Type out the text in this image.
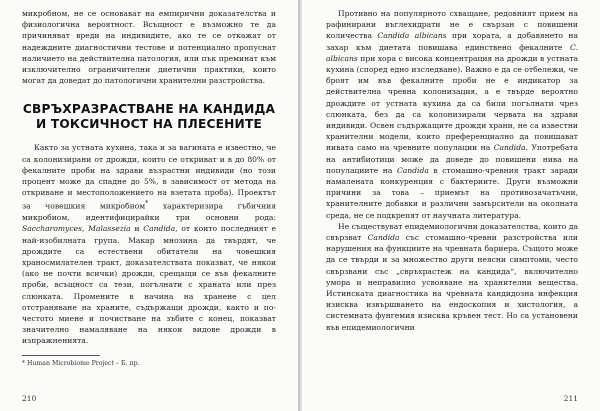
микробном, не се основават на емпирични доказателства и физиологична вероятност. Всъщност е възможно те да причиняват вреди на индивидите, ако те се откажат от надеждните диагностични тестове и потенциално пропуснат наличието на действителна патология, или пък преминат към изключително ограничителни диетични практики, които могат да доведат до патологични хранителни разстройства.

СВРЪХРАЗРАСТВАНЕ НА КАНДИДА
И ТОКСИЧНОСТ НА ПЛЕСЕНИТЕ

Както за устната кухина, така и за вагината е известно, че са колонизирани от дрожди, които се откриват и в до 80% от фекалните проби на здрави възрастни индивиди (но този процент може да спадне до 5%, в зависимост от метода на откриване и местоположението на взетата проба). Проектът за човешкия микробиом* характеризира гъбичния микробиом, идентифицирайки три основни рода: Saccharomyces, Malassezia и Candida, от които последният е най-изобилната група. Макар мнозина да твърдят, че дрождите са естествени обитатели на човешкия храносмилателен тракт, доказателствата показват, че някои (ако не почти всички) дрожди, срещащи се във фекалните проби, всъщност са тези, погълнати с храната или през слюнката. Промените в начина на хранене с цел отстраняване на храните, съдържащи дрожди, както и по-честото миене и почистване на зъбите с конец, показват значително намаляване на някои видове дрожди в изпражненията.

* Human Microbiome Project – Б. пр.

210

Противно на популярното схващане, редовният прием на рафинирани въглехидрати не е свързан с повишени количества Candida albicans при хората, а добавянето на захар към диетата повишава единствено фекалните C. albicans при хора с висока концентрация на дрожди в устната кухина (според едно изследване). Важно е да се отбележи, че броят им във фекалните проби не е индикатор за действителна чревна колонизация, а е твърде вероятно дрождите от устната кухина да са били погълнати чрез слюнката, без да са колонизирали червата на здрави индивиди. Освен съдържащите дрожди храни, не са известни хранителни модели, които преференциално да повишават нивата само на чревните популации на Candida. Употребата на антибиотици може да доведе до повишени нива на популациите на Candida в стомашно-чревния тракт заради намалената конкуренция с бактериите. Други възможни причини за това – приемът на противозачатъчни, хранителните добавки и различни замърсители на околната среда, не се подкрепят от научната литература.

Не съществуват епидемиологични доказателства, които да свързват Candida със стомашно-чревни разстройства или нарушения на функциите на чревната бариера. Същото може да се твърди и за множество други неясни симптоми, често свързвани със „свръхрастеж на кандида“, включително умора и неправилно усвояване на хранителни вещества. Истинската диагностика на чревната кандидозна инфекция изисква извършването на ендоскопия и хистология, а системната фунгемия изисква кръвен тест. Но са установени във епидемиологични

211
